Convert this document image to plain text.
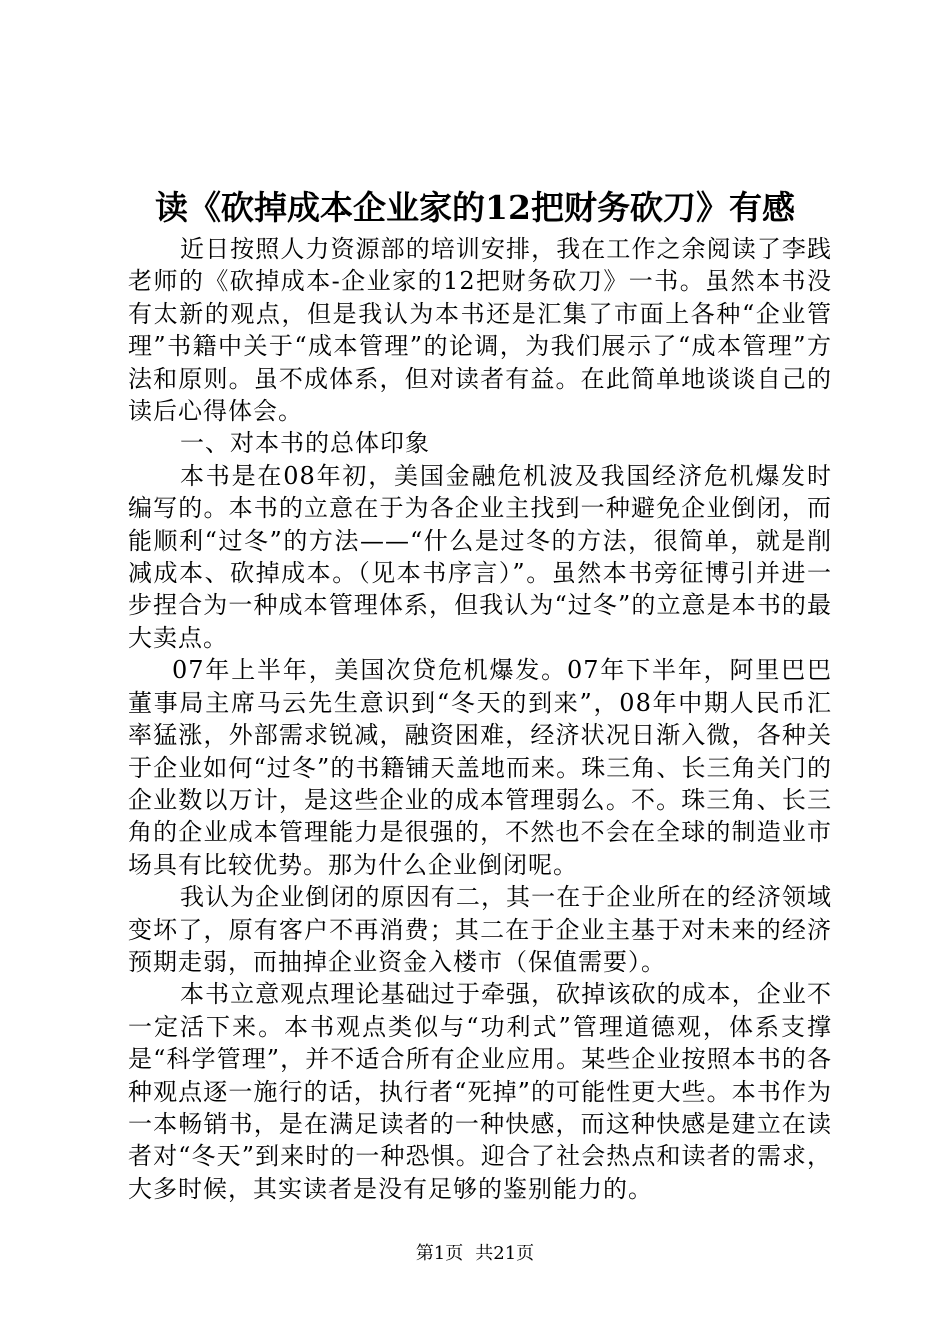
读《砍掉成本企业家的12把财务砍刀》有感

近日按照人力资源部的培训安排，我在工作之余阅读了李践老师的《砍掉成本-企业家的12把财务砍刀》一书。虽然本书没有太新的观点，但是我认为本书还是汇集了市面上各种“企业管理”书籍中关于“成本管理”的论调，为我们展示了“成本管理”方法和原则。虽不成体系，但对读者有益。在此简单地谈谈自己的读后心得体会。

一、对本书的总体印象

本书是在08年初，美国金融危机波及我国经济危机爆发时编写的。本书的立意在于为各企业主找到一种避免企业倒闭，而能顺利“过冬”的方法——“什么是过冬的方法，很简单，就是削减成本、砍掉成本。（见本书序言）”。虽然本书旁征博引并进一步捏合为一种成本管理体系，但我认为“过冬”的立意是本书的最大卖点。

07年上半年，美国次贷危机爆发。07年下半年，阿里巴巴董事局主席马云先生意识到“冬天的到来”，08年中期人民币汇率猛涨，外部需求锐减，融资困难，经济状况日渐入微，各种关于企业如何“过冬”的书籍铺天盖地而来。珠三角、长三角关门的企业数以万计，是这些企业的成本管理弱么。不。珠三角、长三角的企业成本管理能力是很强的，不然也不会在全球的制造业市场具有比较优势。那为什么企业倒闭呢。

我认为企业倒闭的原因有二，其一在于企业所在的经济领域变坏了，原有客户不再消费；其二在于企业主基于对未来的经济预期走弱，而抽掉企业资金入楼市（保值需要）。

本书立意观点理论基础过于牵强，砍掉该砍的成本，企业不一定活下来。本书观点类似与“功利式”管理道德观，体系支撑是“科学管理”，并不适合所有企业应用。某些企业按照本书的各种观点逐一施行的话，执行者“死掉”的可能性更大些。本书作为一本畅销书，是在满足读者的一种快感，而这种快感是建立在读者对“冬天”到来时的一种恐惧。迎合了社会热点和读者的需求，大多时候，其实读者是没有足够的鉴别能力的。

第1页 共21页
